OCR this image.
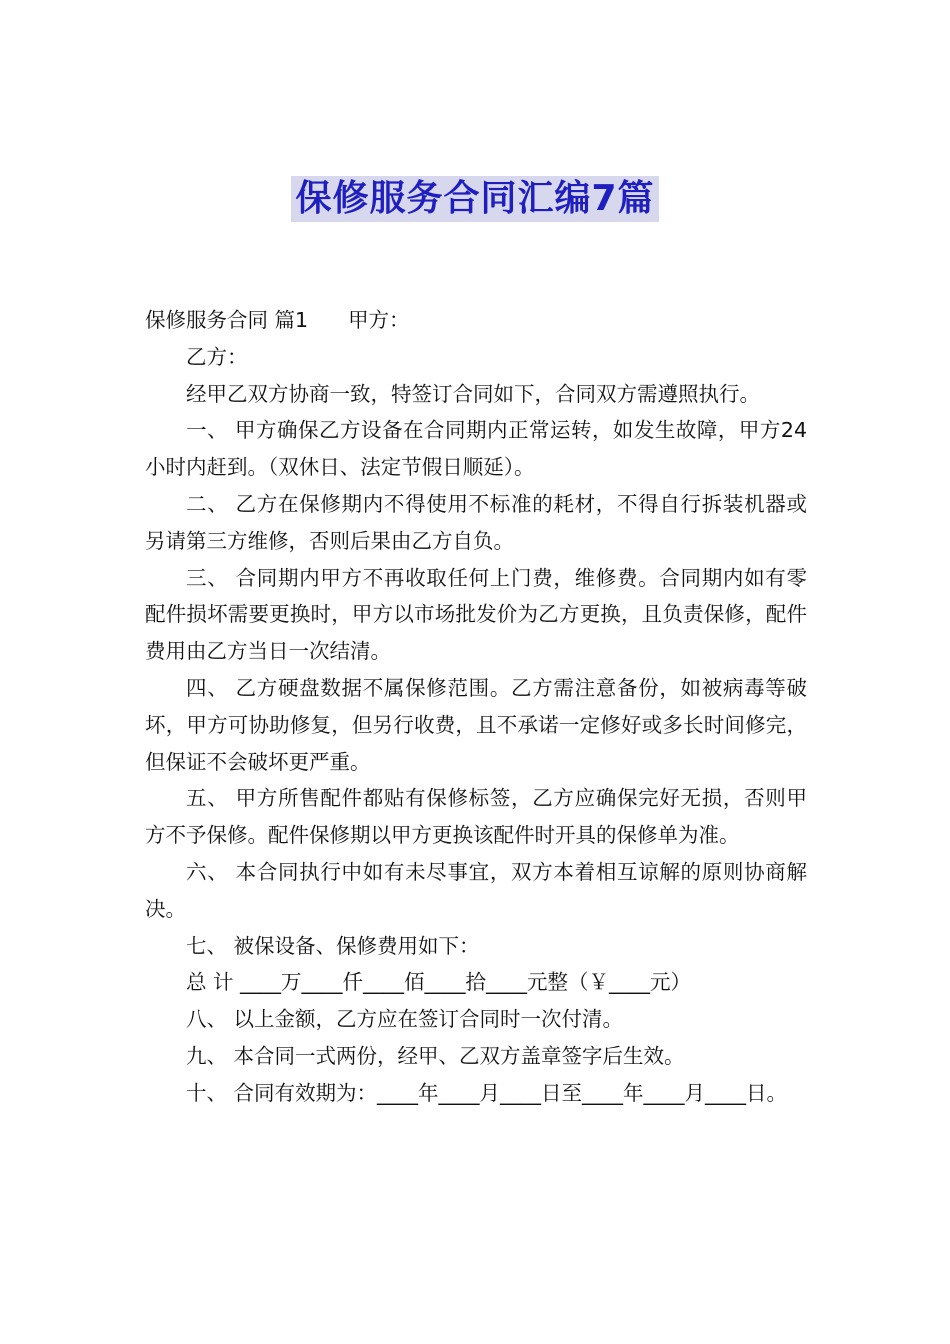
保修服务合同汇编7篇

保修服务合同 篇1 甲方：

乙方：

经甲乙双方协商一致，特签订合同如下，合同双方需遵照执行。

一、 甲方确保乙方设备在合同期内正常运转，如发生故障，甲方24小时内赶到。（双休日、法定节假日顺延）。

二、 乙方在保修期内不得使用不标准的耗材，不得自行拆装机器或另请第三方维修，否则后果由乙方自负。

三、 合同期内甲方不再收取任何上门费，维修费。合同期内如有零配件损坏需要更换时，甲方以市场批发价为乙方更换，且负责保修，配件费用由乙方当日一次结清。

四、 乙方硬盘数据不属保修范围。乙方需注意备份，如被病毒等破坏，甲方可协助修复，但另行收费，且不承诺一定修好或多长时间修完，但保证不会破坏更严重。

五、 甲方所售配件都贴有保修标签，乙方应确保完好无损，否则甲方不予保修。配件保修期以甲方更换该配件时开具的保修单为准。

六、 本合同执行中如有未尽事宜，双方本着相互谅解的原则协商解决。

七、 被保设备、保修费用如下：

总 计 ____万____仟____佰____拾____元整（￥____元）

八、 以上金额，乙方应在签订合同时一次付清。

九、 本合同一式两份，经甲、乙双方盖章签字后生效。

十、 合同有效期为：____年____月____日至____年____月____日。
